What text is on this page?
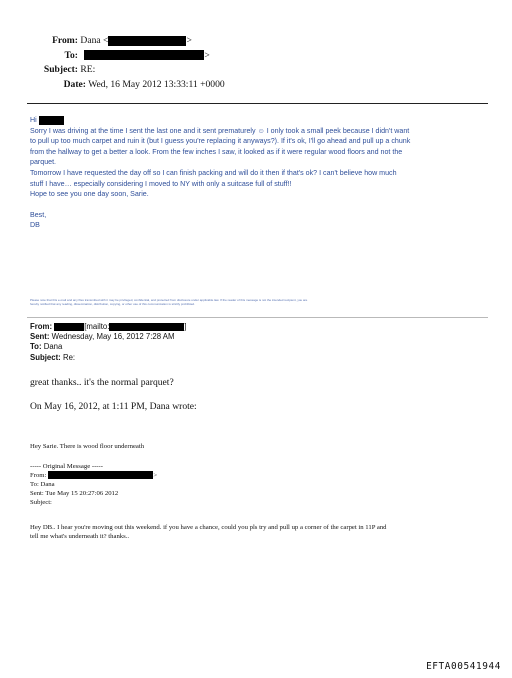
From: Dana <	>
To:	>
Subject: RE:
Date: Wed, 16 May 2012 13:33:11 +0000

Hi

Sorry I was driving at the time I sent the last one and it sent prematurely ☺ I only took a small peek because I didn't want

to pull up too much carpet and ruin it (but I guess you're replacing it anyways?). If it's ok, I'll go ahead and pull up a chunk

from the hallway to get a better a look. From the few inches I saw, it looked as if it were regular wood floors and not the

parquet.

Tomorrow I have requested the day off so I can finish packing and will do it then if that's ok? I can't believe how much

stuff I have… especially considering I moved to NY with only a suitcase full of stuff!!

Hope to see you one day soon, Sarie.

Best,

DB

Please note that this e-mail and any files transmitted with it may be privileged, confidential, and protected from disclosure under applicable law. If the reader of this message is not the intended recipient, you are
hereby notified that any reading, dissemination, distribution, copying, or other use of this communication is strictly prohibited.
From:	[mailto:	]
Sent: Wednesday, May 16, 2012 7:28 AM
To: Dana
Subject: Re:
great thanks.. it's the normal parquet?
On May 16, 2012, at 1:11 PM, Dana wrote:
Hey Sarie. There is wood floor underneath
----- Original Message -----
From:	>
To: Dana
Sent: Tue May 15 20:27:06 2012
Subject:
Hey DB.. I hear you're moving out this weekend. if you have a chance, could you pls try and pull up a corner of the carpet in 11P and
tell me what's underneath it? thanks..
EFTA00541944
